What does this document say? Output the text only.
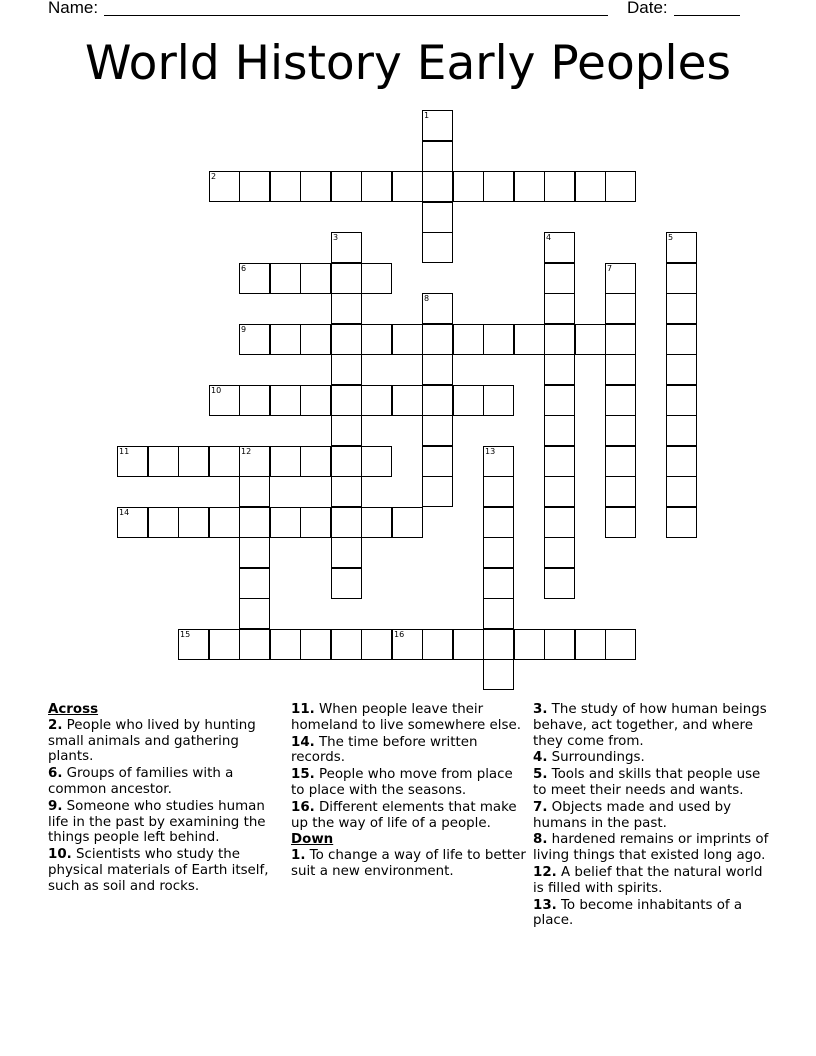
Name:	Date:
World History Early Peoples
1
2
3	4	5
6	7
8
9
10
11	12	13
14
15	16
Across
2. People who lived by hunting small animals and gathering plants.
6. Groups of families with a common ancestor.
9. Someone who studies human life in the past by examining the things people left behind.
10. Scientists who study the physical materials of Earth itself, such as soil and rocks.
11. When people leave their homeland to live somewhere else.
14. The time before written records.
15. People who move from place to place with the seasons.
16. Different elements that make up the way of life of a people.
Down
1. To change a way of life to better suit a new environment.
3. The study of how human beings behave, act together, and where they come from.
4. Surroundings.
5. Tools and skills that people use to meet their needs and wants.
7. Objects made and used by humans in the past.
8. hardened remains or imprints of living things that existed long ago.
12. A belief that the natural world is filled with spirits.
13. To become inhabitants of a place.
